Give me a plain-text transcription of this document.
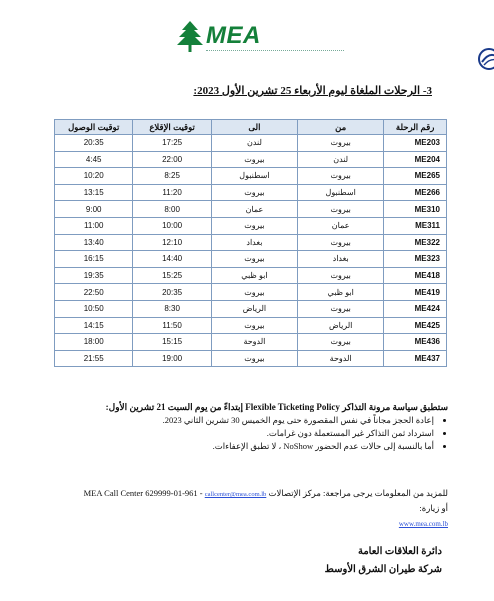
MEA
3- الرحلات الملغاة ليوم الأربعاء 25 تشرين الأول 2023:
رقم الرحلة	من	الى	توقيت الإقلاع	توقيت الوصول
ME203	بيروت	لندن	17:25	20:35
ME204	لندن	بيروت	22:00	4:45
ME265	بيروت	اسطنبول	8:25	10:20
ME266	اسطنبول	بيروت	11:20	13:15
ME310	بيروت	عمان	8:00	9:00
ME311	عمان	بيروت	10:00	11:00
ME322	بيروت	بغداد	12:10	13:40
ME323	بغداد	بيروت	14:40	16:15
ME418	بيروت	ابو ظبي	15:25	19:35
ME419	ابو ظبي	بيروت	20:35	22:50
ME424	بيروت	الرياض	8:30	10:50
ME425	الرياض	بيروت	11:50	14:15
ME436	بيروت	الدوحة	15:15	18:00
ME437	الدوحة	بيروت	19:00	21:55
ستطبق سياسة مرونة التذاكر Flexible Ticketing Policy إبتداءً من يوم السبت 21 تشرين الأول:
• إعادة الحجز مجاناً في نفس المقصورة حتى يوم الخميس 30 تشرين الثاني 2023.
• استرداد ثمن التذاكر غير المستعملة دون غرامات.
• أما بالنسبة إلى حالات عدم الحضور NoShow ، لا تطبق الإعفاءات.
للمزيد من المعلومات يرجى مراجعة: مركز الإتصالات MEA Call Center 629999-01-961 - callcenter@mea.com.lb
أو زيارة:
www.mea.com.lb
دائرة العلاقات العامة
شركة طيران الشرق الأوسط
